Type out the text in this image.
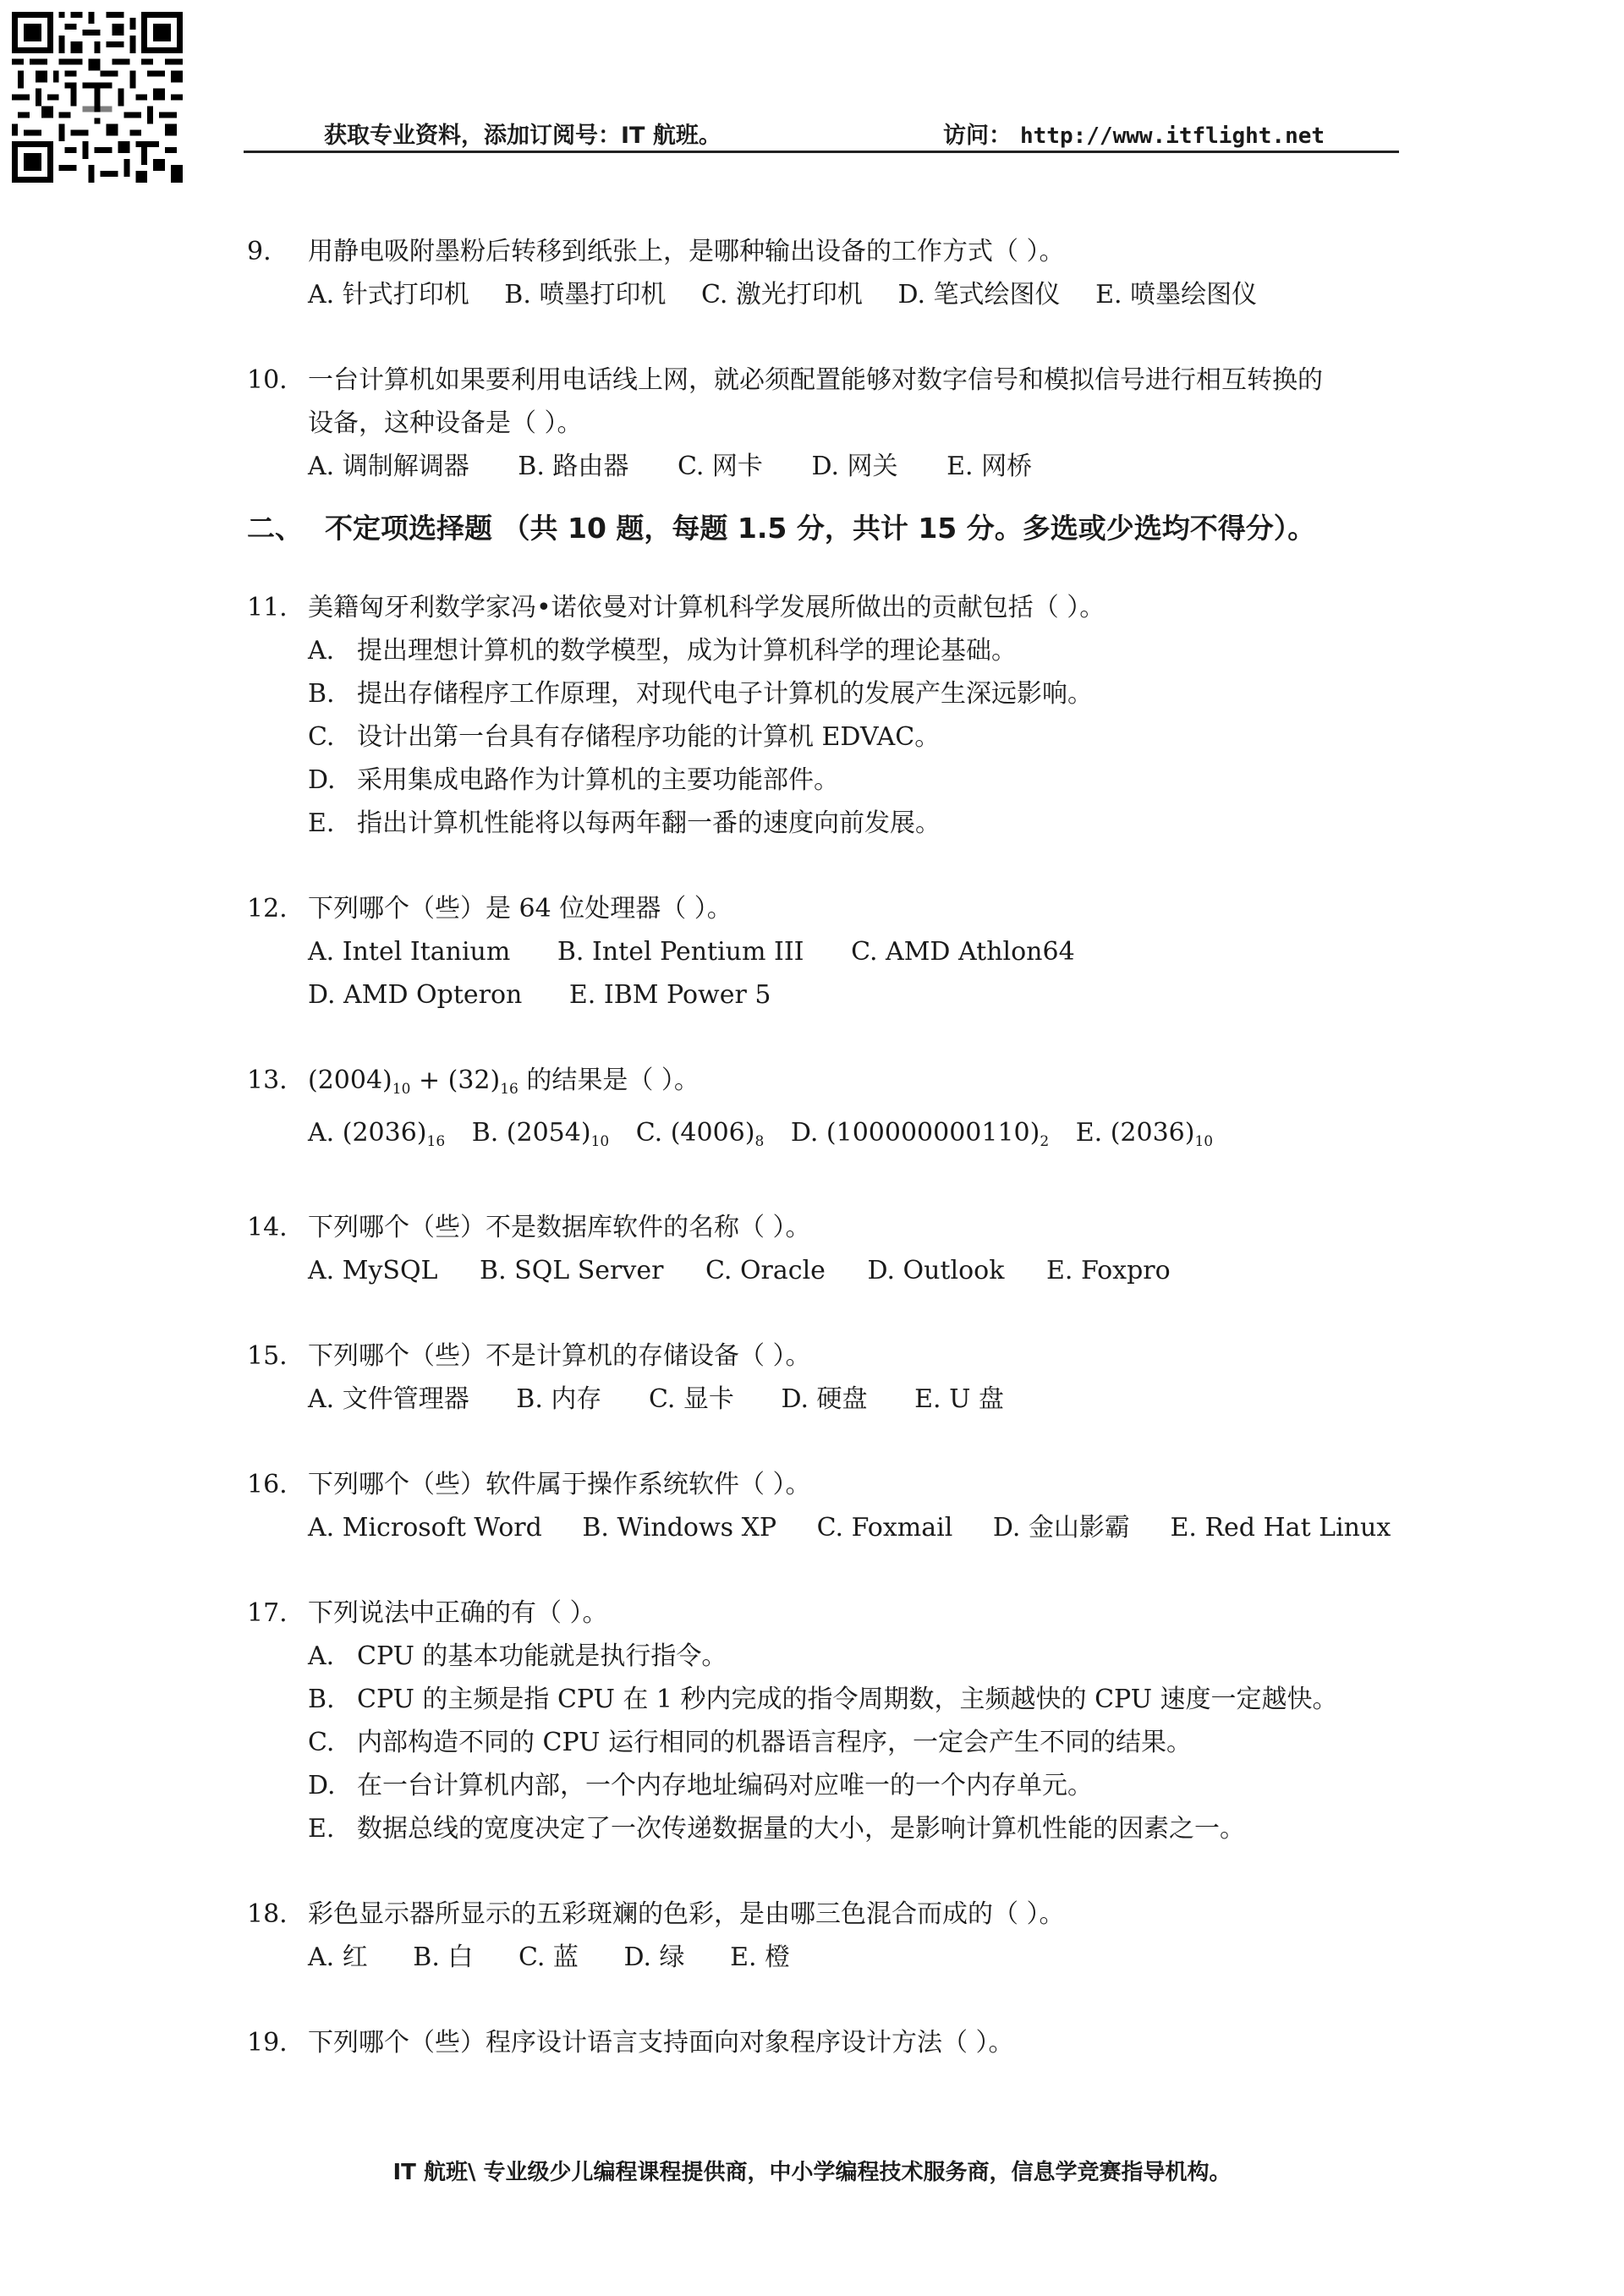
获取专业资料，添加订阅号：IT 航班。	访问： http://www.itflight.net
9.	用静电吸附墨粉后转移到纸张上，是哪种输出设备的工作方式（ ）。
A. 针式打印机 B. 喷墨打印机 C. 激光打印机 D. 笔式绘图仪 E. 喷墨绘图仪
10. 一台计算机如果要利用电话线上网，就必须配置能够对数字信号和模拟信号进行相互转换的
设备，这种设备是（ ）。
A. 调制解调器 B. 路由器 C. 网卡 D. 网关 E. 网桥
二、 不定项选择题 （共 10 题，每题 1.5 分，共计 15 分。多选或少选均不得分）。
11. 美籍匈牙利数学家冯•诺依曼对计算机科学发展所做出的贡献包括（ ）。
A. 提出理想计算机的数学模型，成为计算机科学的理论基础。
B. 提出存储程序工作原理，对现代电子计算机的发展产生深远影响。
C. 设计出第一台具有存储程序功能的计算机 EDVAC。
D. 采用集成电路作为计算机的主要功能部件。
E. 指出计算机性能将以每两年翻一番的速度向前发展。
12. 下列哪个（些）是 64 位处理器（ ）。
A. Intel Itanium B. Intel Pentium III C. AMD Athlon64
D. AMD Opteron E. IBM Power 5
13. $(2004)_{10} + (32)_{16}$ 的结果是（ ）。
A. $(2036)_{16}$ B. $(2054)_{10}$ C. $(4006)_8$ D. $(100000000110)_2$ E. $(2036)_{10}$
14. 下列哪个（些）不是数据库软件的名称（ ）。
A. MySQL B. SQL Server C. Oracle D. Outlook E. Foxpro
15. 下列哪个（些）不是计算机的存储设备（ ）。
A. 文件管理器 B. 内存 C. 显卡 D. 硬盘 E. U 盘
16. 下列哪个（些）软件属于操作系统软件（ ）。
A. Microsoft Word B. Windows XP C. Foxmail D. 金山影霸 E. Red Hat Linux
17. 下列说法中正确的有（ ）。
A. CPU 的基本功能就是执行指令。
B. CPU 的主频是指 CPU 在 1 秒内完成的指令周期数，主频越快的 CPU 速度一定越快。
C. 内部构造不同的 CPU 运行相同的机器语言程序，一定会产生不同的结果。
D. 在一台计算机内部，一个内存地址编码对应唯一的一个内存单元。
E. 数据总线的宽度决定了一次传递数据量的大小，是影响计算机性能的因素之一。
18. 彩色显示器所显示的五彩斑斓的色彩，是由哪三色混合而成的（ ）。
A. 红 B. 白 C. 蓝 D. 绿 E. 橙
19. 下列哪个（些）程序设计语言支持面向对象程序设计方法（ ）。
IT 航班\ 专业级少儿编程课程提供商，中小学编程技术服务商，信息学竞赛指导机构。
